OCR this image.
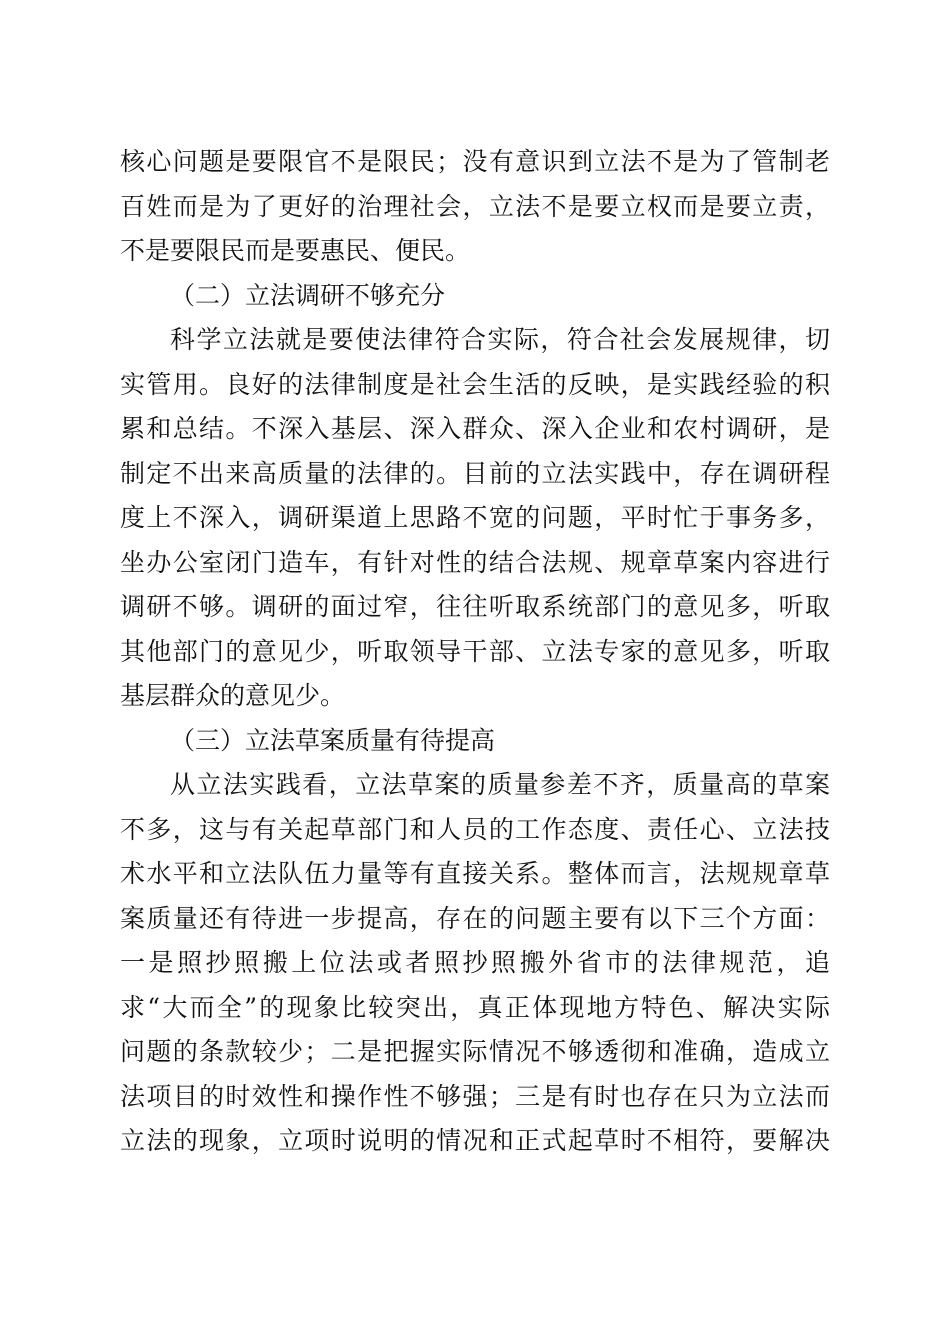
核心问题是要限官不是限民；没有意识到立法不是为了管制老
百姓而是为了更好的治理社会，立法不是要立权而是要立责，
不是要限民而是要惠民、便民。
（二）立法调研不够充分
科学立法就是要使法律符合实际，符合社会发展规律，切
实管用。良好的法律制度是社会生活的反映，是实践经验的积
累和总结。不深入基层、深入群众、深入企业和农村调研，是
制定不出来高质量的法律的。目前的立法实践中，存在调研程
度上不深入，调研渠道上思路不宽的问题，平时忙于事务多，
坐办公室闭门造车，有针对性的结合法规、规章草案内容进行
调研不够。调研的面过窄，往往听取系统部门的意见多，听取
其他部门的意见少，听取领导干部、立法专家的意见多，听取
基层群众的意见少。
（三）立法草案质量有待提高
从立法实践看，立法草案的质量参差不齐，质量高的草案
不多，这与有关起草部门和人员的工作态度、责任心、立法技
术水平和立法队伍力量等有直接关系。整体而言，法规规章草
案质量还有待进一步提高，存在的问题主要有以下三个方面：
一是照抄照搬上位法或者照抄照搬外省市的法律规范，追
求“大而全”的现象比较突出，真正体现地方特色、解决实际
问题的条款较少；二是把握实际情况不够透彻和准确，造成立
法项目的时效性和操作性不够强；三是有时也存在只为立法而
立法的现象，立项时说明的情况和正式起草时不相符，要解决
